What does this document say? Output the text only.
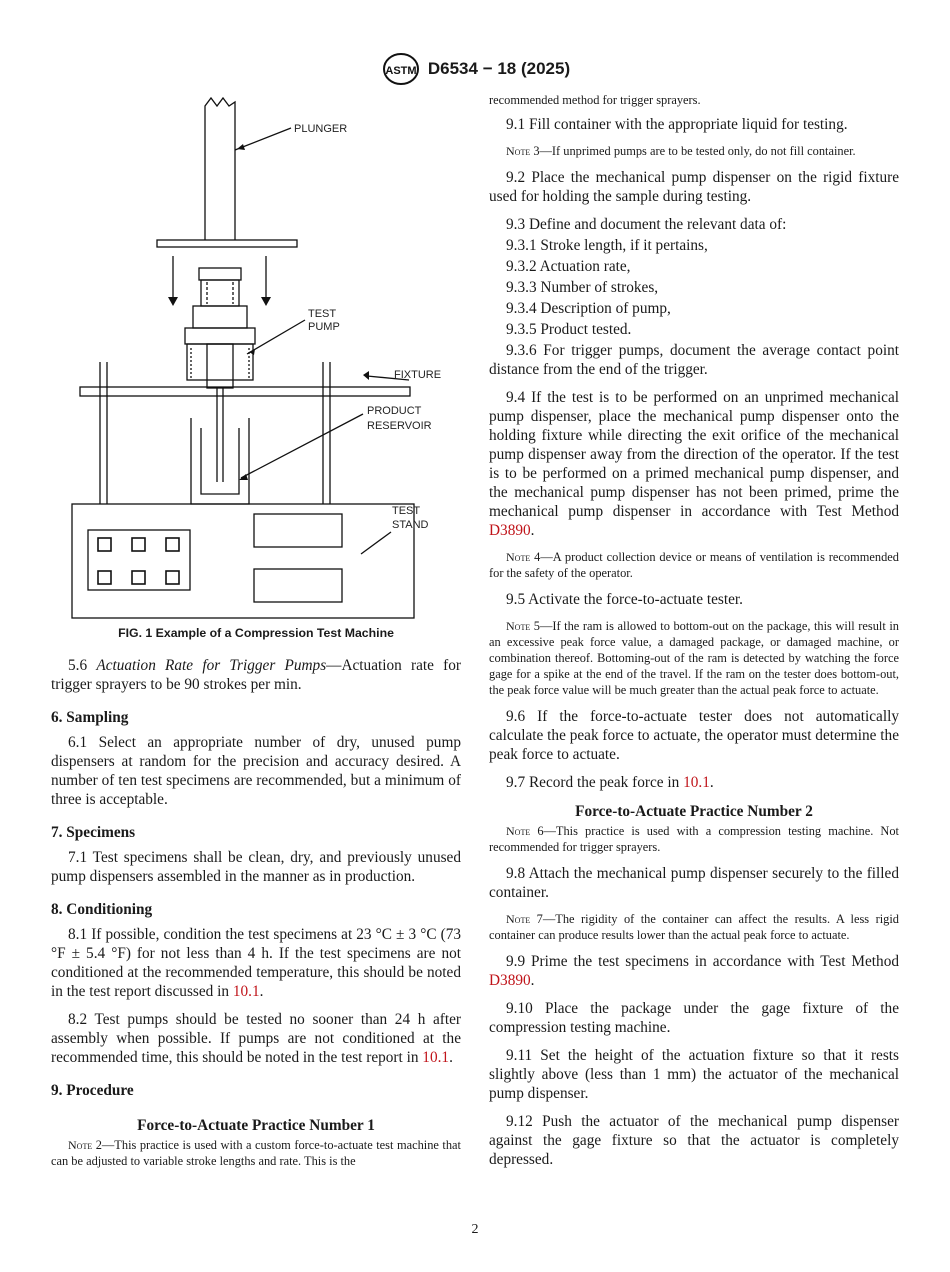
ASTM D6534 − 18 (2025)
PLUNGER
TEST
PUMP
FIXTURE
PRODUCT
RESERVOIR
TEST
STAND
FIG. 1 Example of a Compression Test Machine

5.6 Actuation Rate for Trigger Pumps—Actuation rate for trigger sprayers to be 90 strokes per min.

6. Sampling

6.1 Select an appropriate number of dry, unused pump dispensers at random for the precision and accuracy desired. A number of ten test specimens are recommended, but a minimum of three is acceptable.

7. Specimens

7.1 Test specimens shall be clean, dry, and previously unused pump dispensers assembled in the manner as in production.

8. Conditioning

8.1 If possible, condition the test specimens at 23 °C ± 3 °C (73 °F ± 5.4 °F) for not less than 4 h. If the test specimens are not conditioned at the recommended temperature, this should be noted in the test report discussed in 10.1.

8.2 Test pumps should be tested no sooner than 24 h after assembly when possible. If pumps are not conditioned at the recommended time, this should be noted in the test report in 10.1.

9. Procedure
Force-to-Actuate Practice Number 1

Note 2—This practice is used with a custom force-to-actuate test machine that can be adjusted to variable stroke lengths and rate. This is the

recommended method for trigger sprayers.

9.1 Fill container with the appropriate liquid for testing.

Note 3—If unprimed pumps are to be tested only, do not fill container.

9.2 Place the mechanical pump dispenser on the rigid fixture used for holding the sample during testing.

9.3 Define and document the relevant data of:

9.3.1 Stroke length, if it pertains,

9.3.2 Actuation rate,

9.3.3 Number of strokes,

9.3.4 Description of pump,

9.3.5 Product tested.

9.3.6 For trigger pumps, document the average contact point distance from the end of the trigger.

9.4 If the test is to be performed on an unprimed mechanical pump dispenser, place the mechanical pump dispenser onto the holding fixture while directing the exit orifice of the mechanical pump dispenser away from the direction of the operator. If the test is to be performed on a primed mechanical pump dispenser, and the mechanical pump dispenser has not been primed, prime the mechanical pump dispenser in accordance with Test Method D3890.

Note 4—A product collection device or means of ventilation is recommended for the safety of the operator.

9.5 Activate the force-to-actuate tester.

Note 5—If the ram is allowed to bottom-out on the package, this will result in an excessive peak force value, a damaged package, or damaged machine, or combination thereof. Bottoming-out of the ram is detected by watching the force gage for a spike at the end of the travel. If the ram on the tester does bottom-out, the peak force value will be much greater than the actual peak force to actuate.

9.6 If the force-to-actuate tester does not automatically calculate the peak force to actuate, the operator must determine the peak force to actuate.

9.7 Record the peak force in 10.1.

Force-to-Actuate Practice Number 2

Note 6—This practice is used with a compression testing machine. Not recommended for trigger sprayers.

9.8 Attach the mechanical pump dispenser securely to the filled container.

Note 7—The rigidity of the container can affect the results. A less rigid container can produce results lower than the actual peak force to actuate.

9.9 Prime the test specimens in accordance with Test Method D3890.

9.10 Place the package under the gage fixture of the compression testing machine.

9.11 Set the height of the actuation fixture so that it rests slightly above (less than 1 mm) the actuator of the mechanical pump dispenser.

9.12 Push the actuator of the mechanical pump dispenser against the gage fixture so that the actuator is completely depressed.

2
